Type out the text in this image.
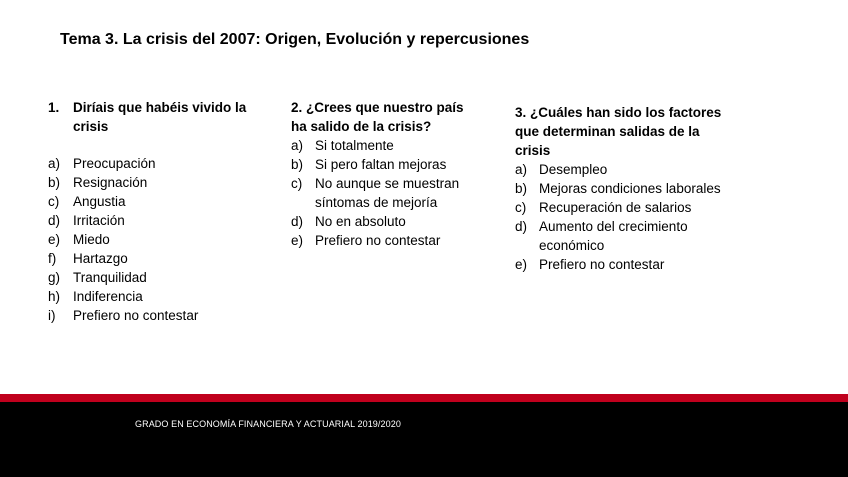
Tema 3. La crisis del 2007: Origen, Evolución y repercusiones
1.	Diríais que habéis vivido la crisis
a) Preocupación
b) Resignación
c)	Angustia
d) Irritación
e) Miedo
f)	Hartazgo
g) Tranquilidad
h) Indiferencia
i)	Prefiero no contestar
2. ¿Crees que nuestro país ha salido de la crisis?
a) Si totalmente
b) Si pero faltan mejoras
c) No aunque se muestran síntomas de mejoría
d) No en absoluto
e) Prefiero no contestar
3. ¿Cuáles han sido los factores que determinan salidas de la crisis
a) Desempleo
b) Mejoras condiciones laborales
c) Recuperación de salarios
d) Aumento del crecimiento económico
e) Prefiero no contestar
GRADO EN ECONOMÍA FINANCIERA Y ACTUARIAL 2019/2020
